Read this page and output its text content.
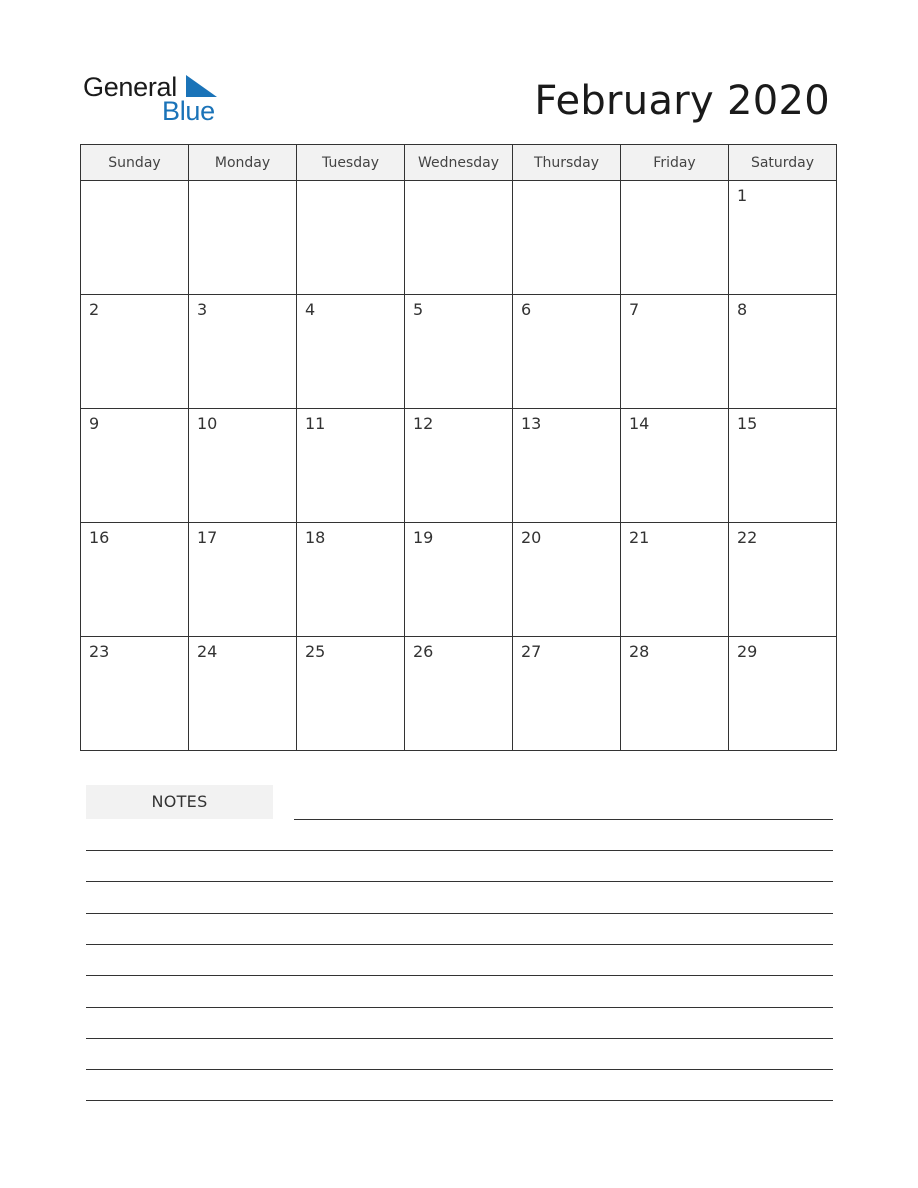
General
Blue	February 2020
Sunday	Monday	Tuesday	Wednesday	Thursday	Friday	Saturday

						1

2	3	4	5	6	7	8

9	10	11	12	13	14	15

16	17	18	19	20	21	22

23	24	25	26	27	28	29
NOTES
